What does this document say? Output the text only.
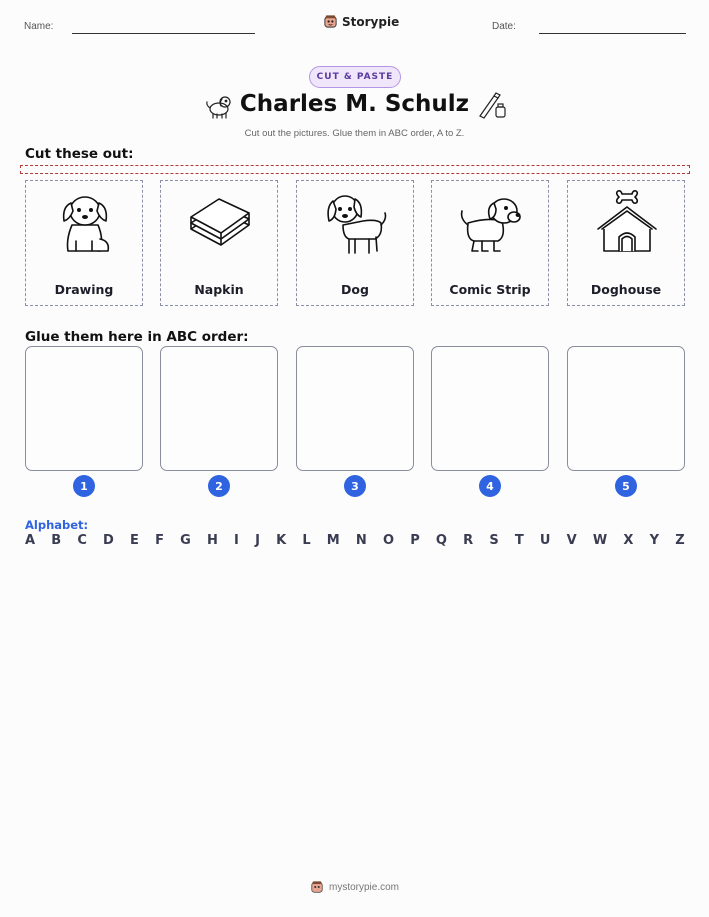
Name:	Storypie	Date:
CUT & PASTE
Charles M. Schulz
Cut out the pictures. Glue them in ABC order, A to Z.
Cut these out:
Drawing	Napkin	Dog	Comic Strip	Doghouse
Glue them here in ABC order:
1	2	3	4	5
Alphabet:
A B C D E F G H I J K L M N O P Q R S T U V W X Y Z
mystorypie.com
